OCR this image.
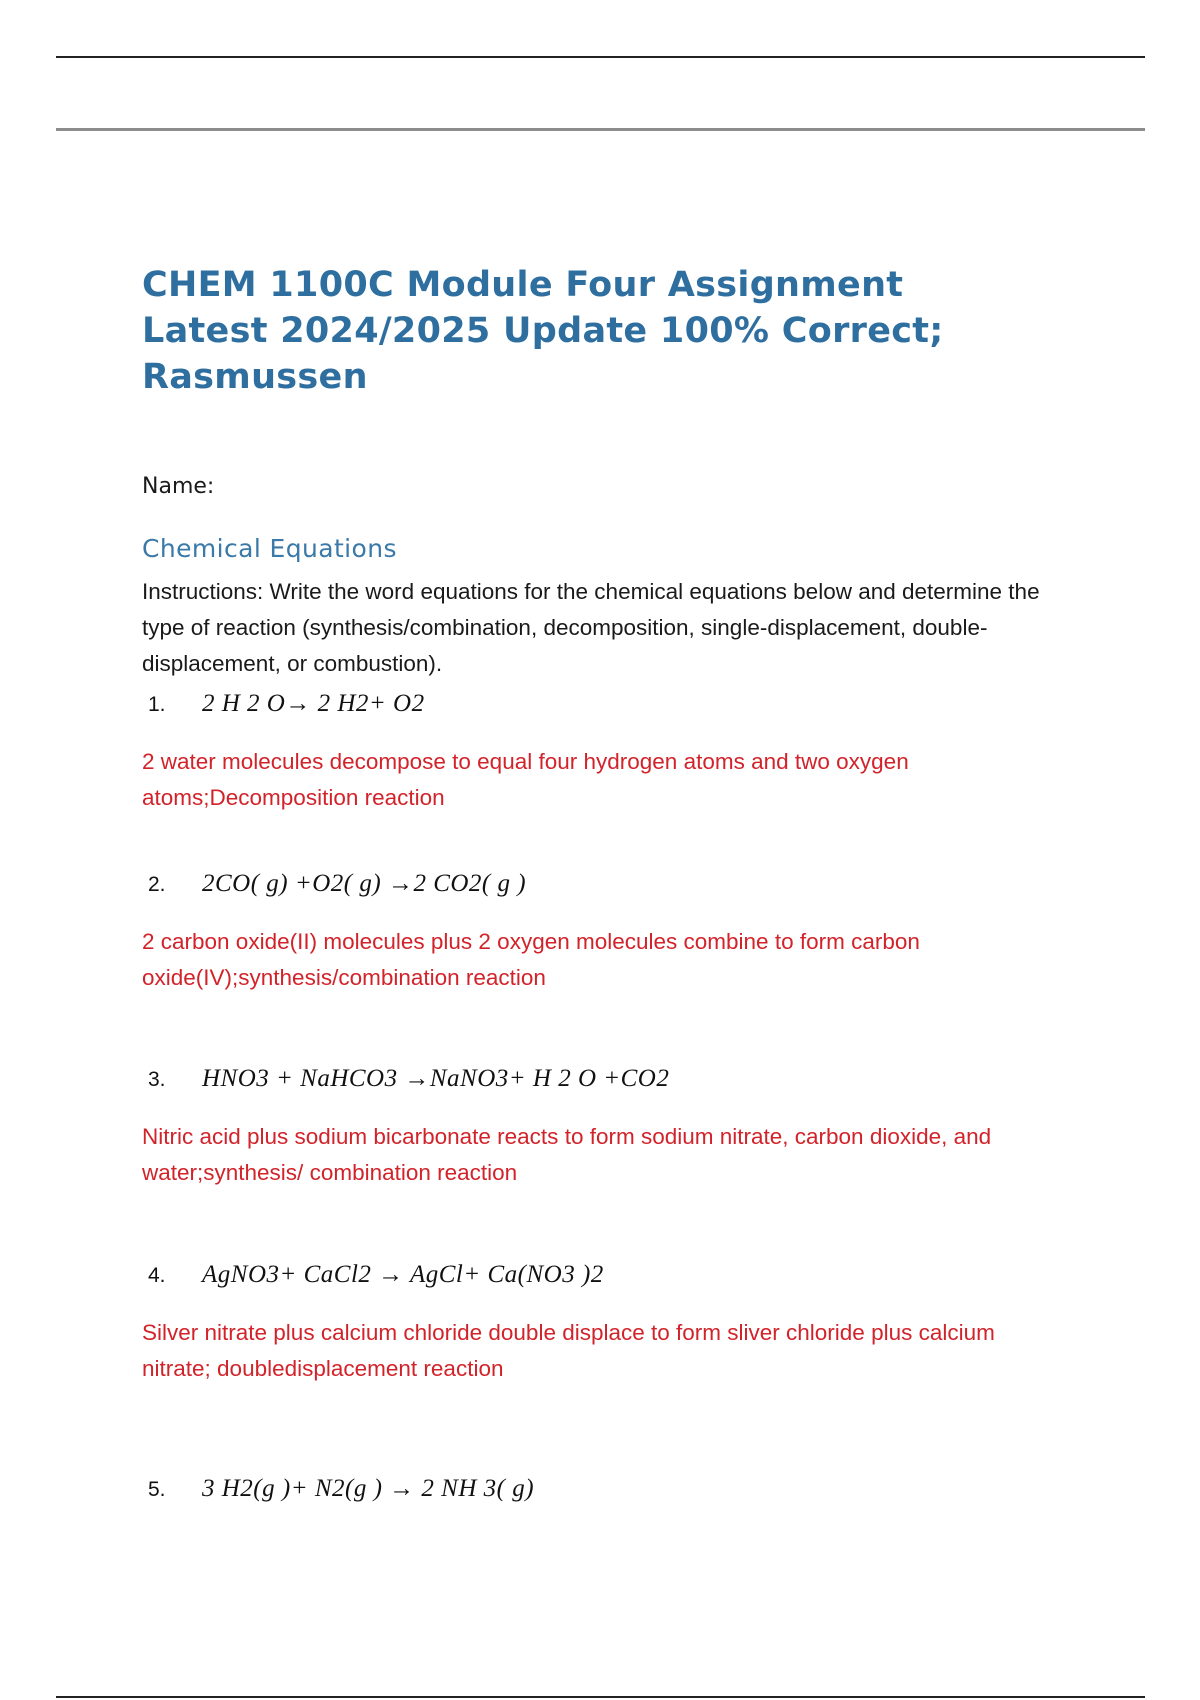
CHEM 1100C Module Four Assignment
Latest 2024/2025 Update 100% Correct;
Rasmussen
Name:
Chemical Equations

Instructions: Write the word equations for the chemical equations below and determine the type of reaction (synthesis/combination, decomposition, single-displacement, double-displacement, or combustion).

1.	2 H 2 O→ 2 H2+ O2

2 water molecules decompose to equal four hydrogen atoms and two oxygen atoms;Decomposition reaction

2.	2CO( g) +O2( g) →2 CO2( g )

2 carbon oxide(II) molecules plus 2 oxygen molecules combine to form carbon oxide(IV);synthesis/combination reaction

3.	HNO3 + NaHCO3 →NaNO3+ H 2 O +CO2

Nitric acid plus sodium bicarbonate reacts to form sodium nitrate, carbon dioxide, and water;synthesis/ combination reaction

4.	AgNO3+ CaCl2 → AgCl+ Ca(NO3 )2

Silver nitrate plus calcium chloride double displace to form sliver chloride plus calcium nitrate; doubledisplacement reaction

5.	3 H2(g )+ N2(g ) → 2 NH 3( g)
